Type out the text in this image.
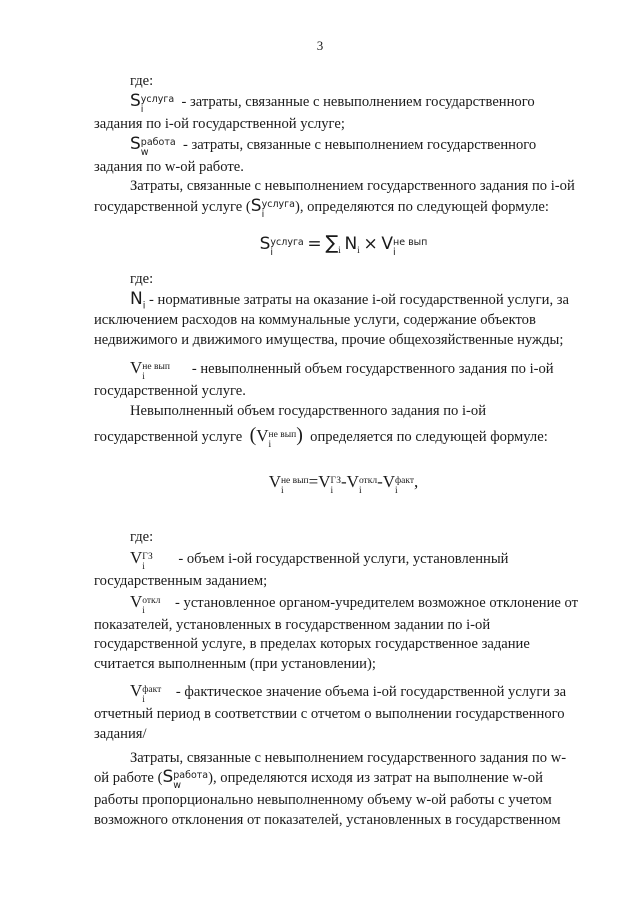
3

где:

S услуга
i	- затраты, связанные с невыполнением государственного

задания по i-ой государственной услуге;

S работа
w	- затраты, связанные с невыполнением государственного

задания по w-ой работе.

Затраты, связанные с невыполнением государственного задания по i-ой

государственной услуге (S услуга
i	), определяются по следующей формуле:

S услуга
i	= $\sum_i$ $N_i \times V$ не вып
i

где:

$N_i$ - нормативные затраты на оказание i-ой государственной услуги, за

исключением расходов на коммунальные услуги, содержание объектов

недвижимого и движимого имущества, прочие общехозяйственные нужды;

V не вып
i	- невыполненный объем государственного задания по i-ой

государственной услуге.

Невыполненный объем государственного задания по i-ой

государственной услуге (V не вып
i	) определяется по следующей формуле:

V не вып
i	=V ГЗ
i -V откл
i -V факт
i ,

где:

V ГЗ
i	- объем i-ой государственной услуги, установленный

государственным заданием;

V откл
i	- установленное органом-учредителем возможное отклонение от

показателей, установленных в государственном задании по i-ой

государственной услуге, в пределах которых государственное задание

считается выполненным (при установлении);

V факт
i	- фактическое значение объема i-ой государственной услуги за

отчетный период в соответствии с отчетом о выполнении государственного

задания/

Затраты, связанные с невыполнением государственного задания по w-

ой работе (S работа
w	), определяются исходя из затрат на выполнение w-ой

работы пропорционально невыполненному объему w-ой работы с учетом

возможного отклонения от показателей, установленных в государственном
